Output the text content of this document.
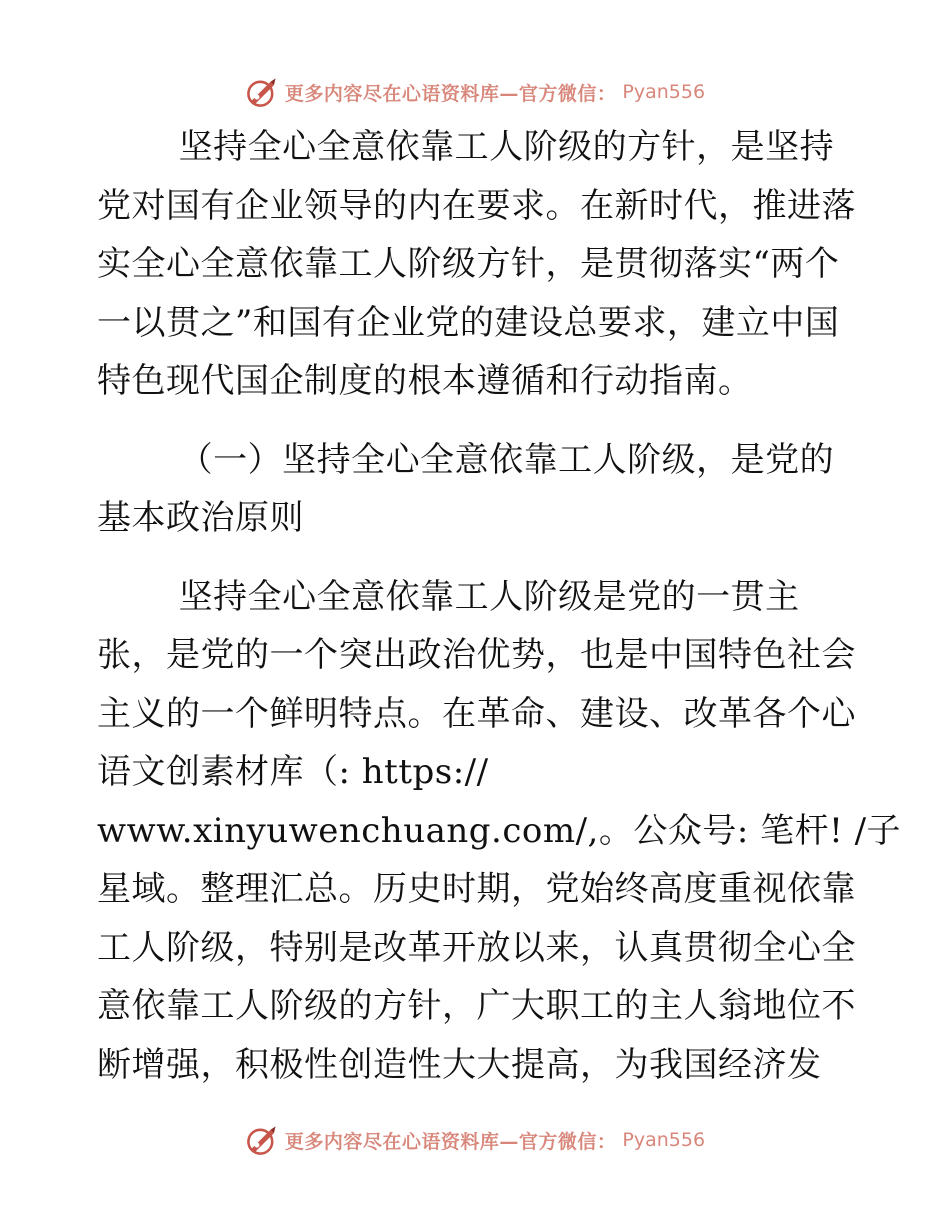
更多内容尽在心语资料库—官方微信： Pyan556

坚持全心全意依靠工人阶级的方针，是坚持
党对国有企业领导的内在要求。在新时代，推进落
实全心全意依靠工人阶级方针，是贯彻落实“两个
一以贯之”和国有企业党的建设总要求，建立中国
特色现代国企制度的根本遵循和行动指南。

（一）坚持全心全意依靠工人阶级，是党的
基本政治原则

坚持全心全意依靠工人阶级是党的一贯主
张，是党的一个突出政治优势，也是中国特色社会
主义的一个鲜明特点。在革命、建设、改革各个心
语文创素材库（: https://
www.xinyuwenchuang.com/,。公众号: 笔杆! /子
星域。整理汇总。历史时期，党始终高度重视依靠
工人阶级，特别是改革开放以来，认真贯彻全心全
意依靠工人阶级的方针，广大职工的主人翁地位不
断增强，积极性创造性大大提高，为我国经济发

更多内容尽在心语资料库—官方微信： Pyan556
